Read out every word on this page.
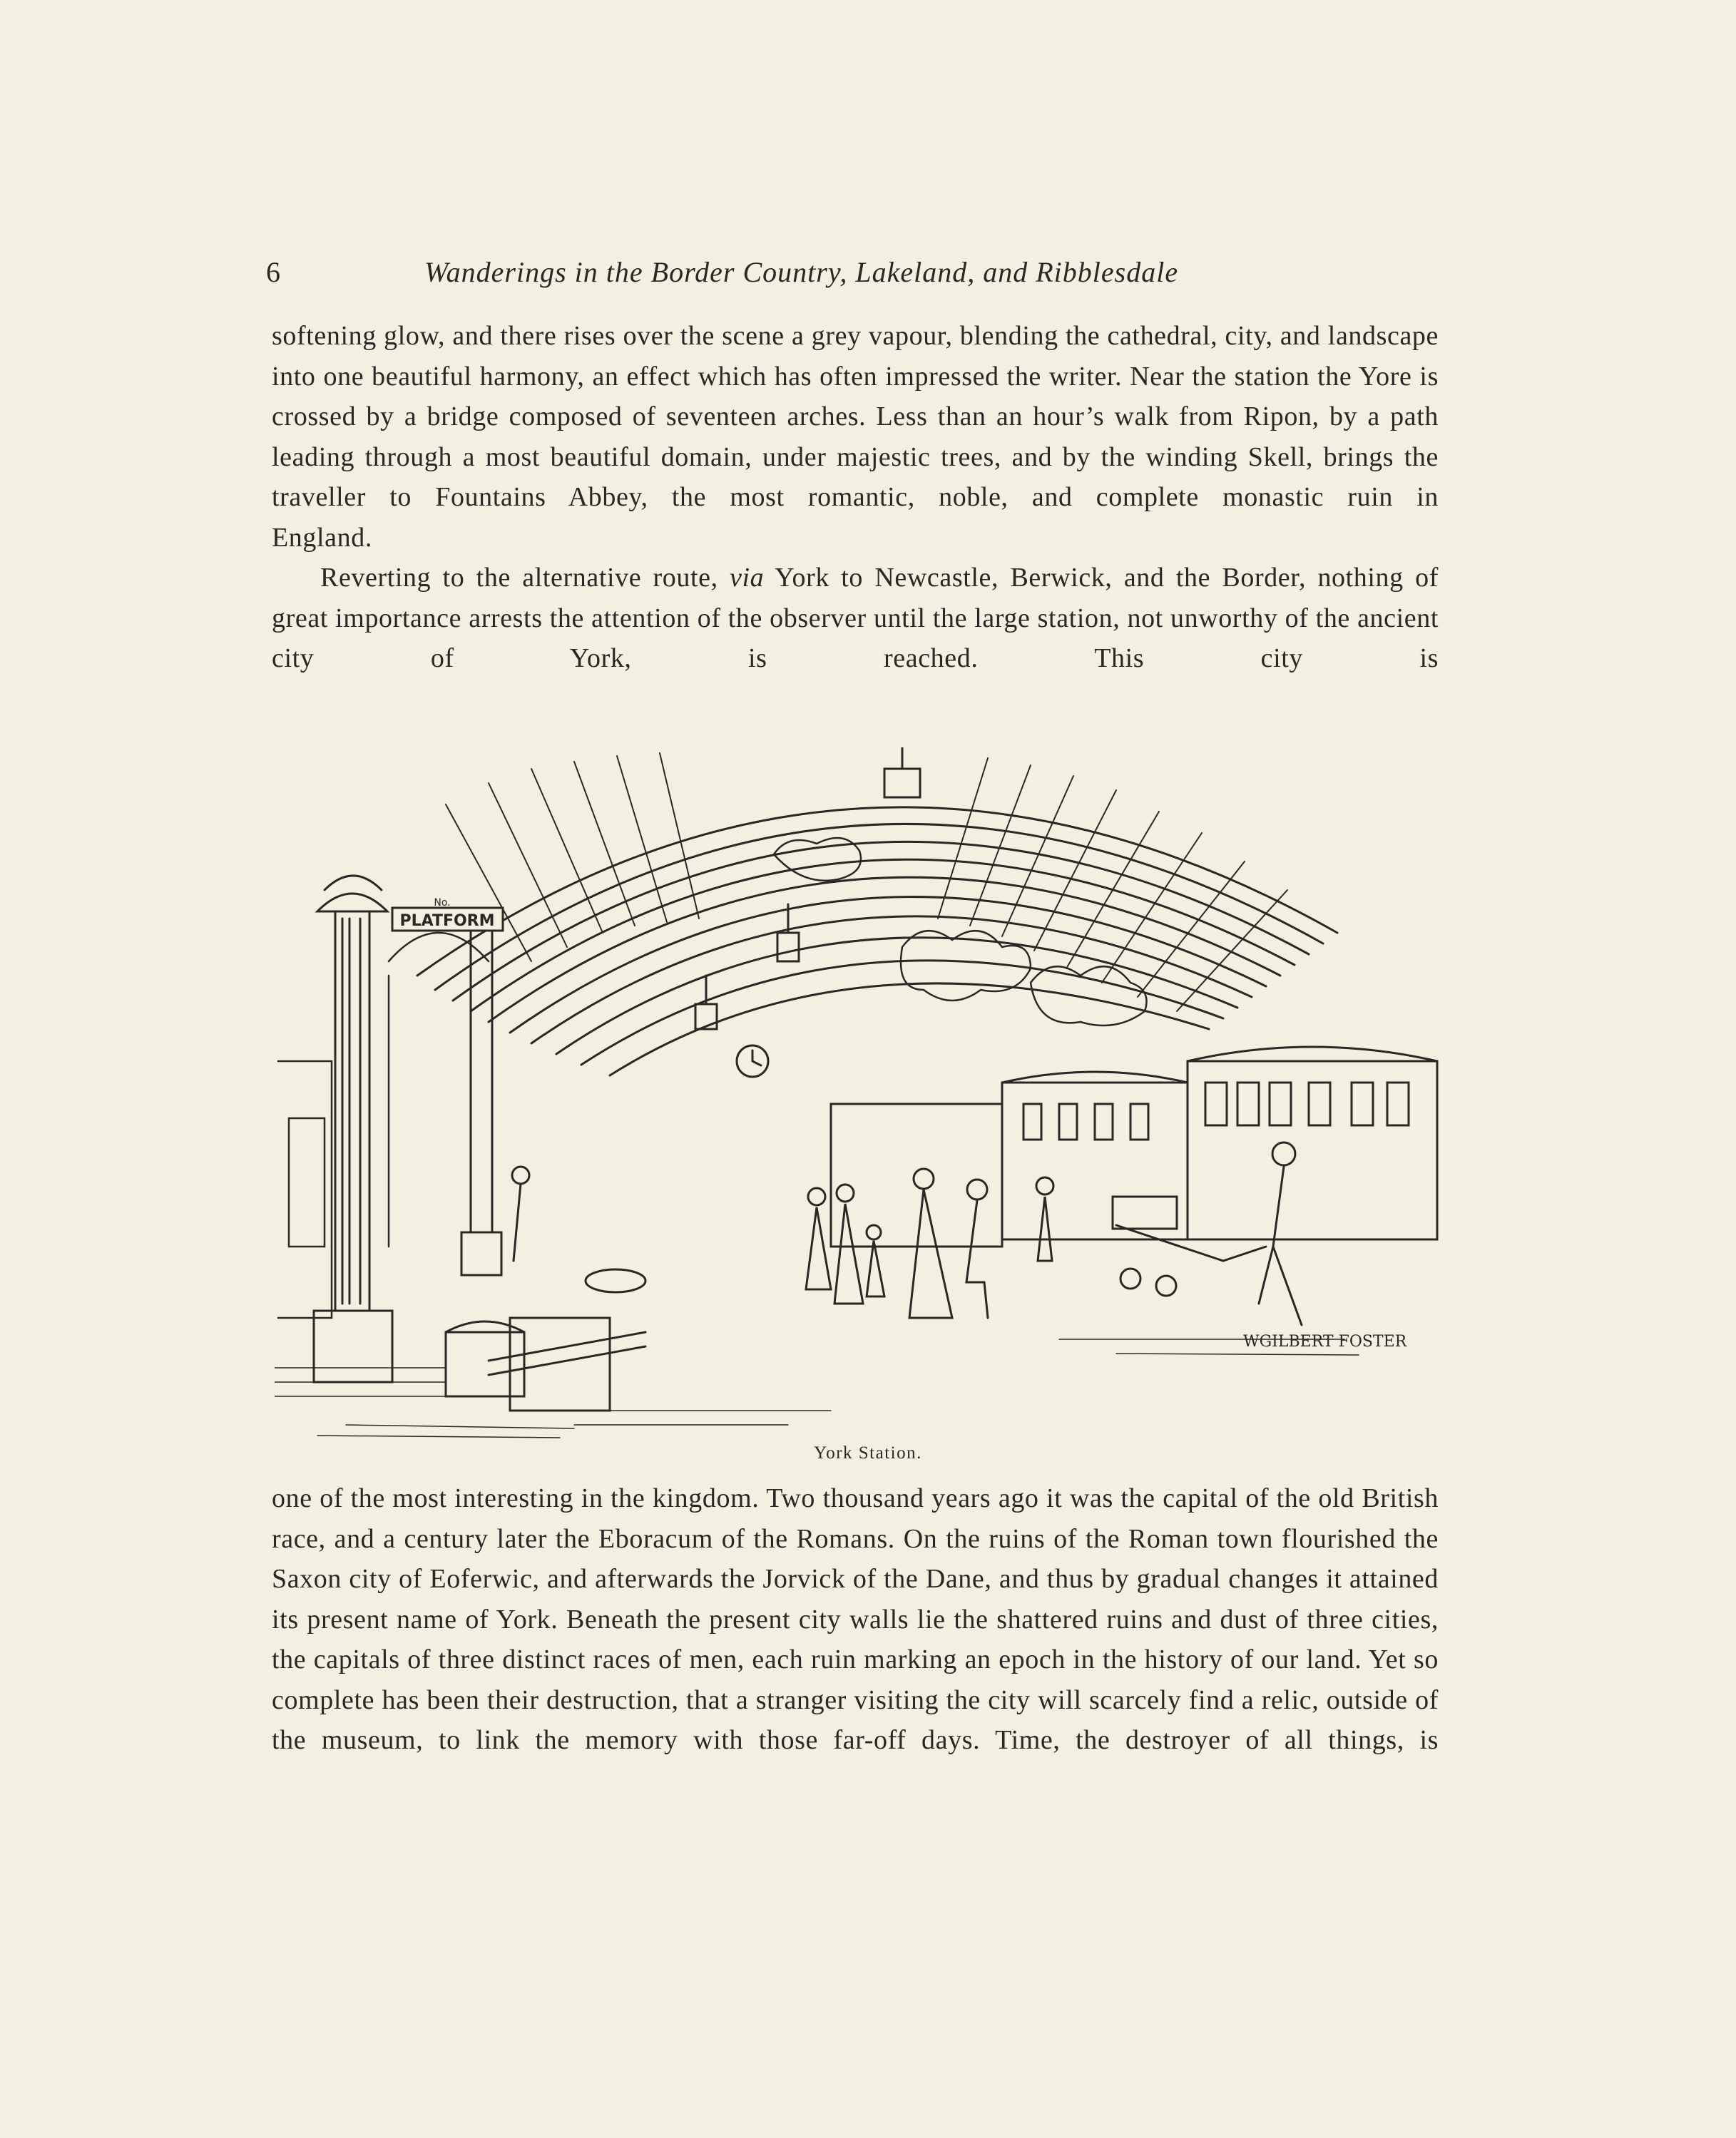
6	Wanderings in the Border Country, Lakeland, and Ribblesdale

softening glow, and there rises over the scene a grey vapour, blending the cathedral, city, and landscape into one beautiful harmony, an effect which has often impressed the writer. Near the station the Yore is crossed by a bridge composed of seventeen arches. Less than an hour’s walk from Ripon, by a path leading through a most beautiful domain, under majestic trees, and by the winding Skell, brings the traveller to Fountains Abbey, the most romantic, noble, and complete monastic ruin in

England.

Reverting to the alternative route, via York to Newcastle, Berwick, and the Border, nothing of great importance arrests the attention of the observer until the large station, not unworthy of the ancient city of York, is reached. This city is

PLATFORM
No.
WGILBERT FOSTER
York Station.

one of the most interesting in the kingdom. Two thousand years ago it was the capital of the old British race, and a century later the Eboracum of the Romans. On the ruins of the Roman town flourished the Saxon city of Eoferwic, and afterwards the Jorvick of the Dane, and thus by gradual changes it attained its present name of York. Beneath the present city walls lie the shattered ruins and dust of three cities, the capitals of three distinct races of men, each ruin marking an epoch in the history of our land. Yet so complete has been their destruction, that a stranger visiting the city will scarcely find a relic, outside of the museum, to link the memory with those far-off days. Time, the destroyer of all things, is
